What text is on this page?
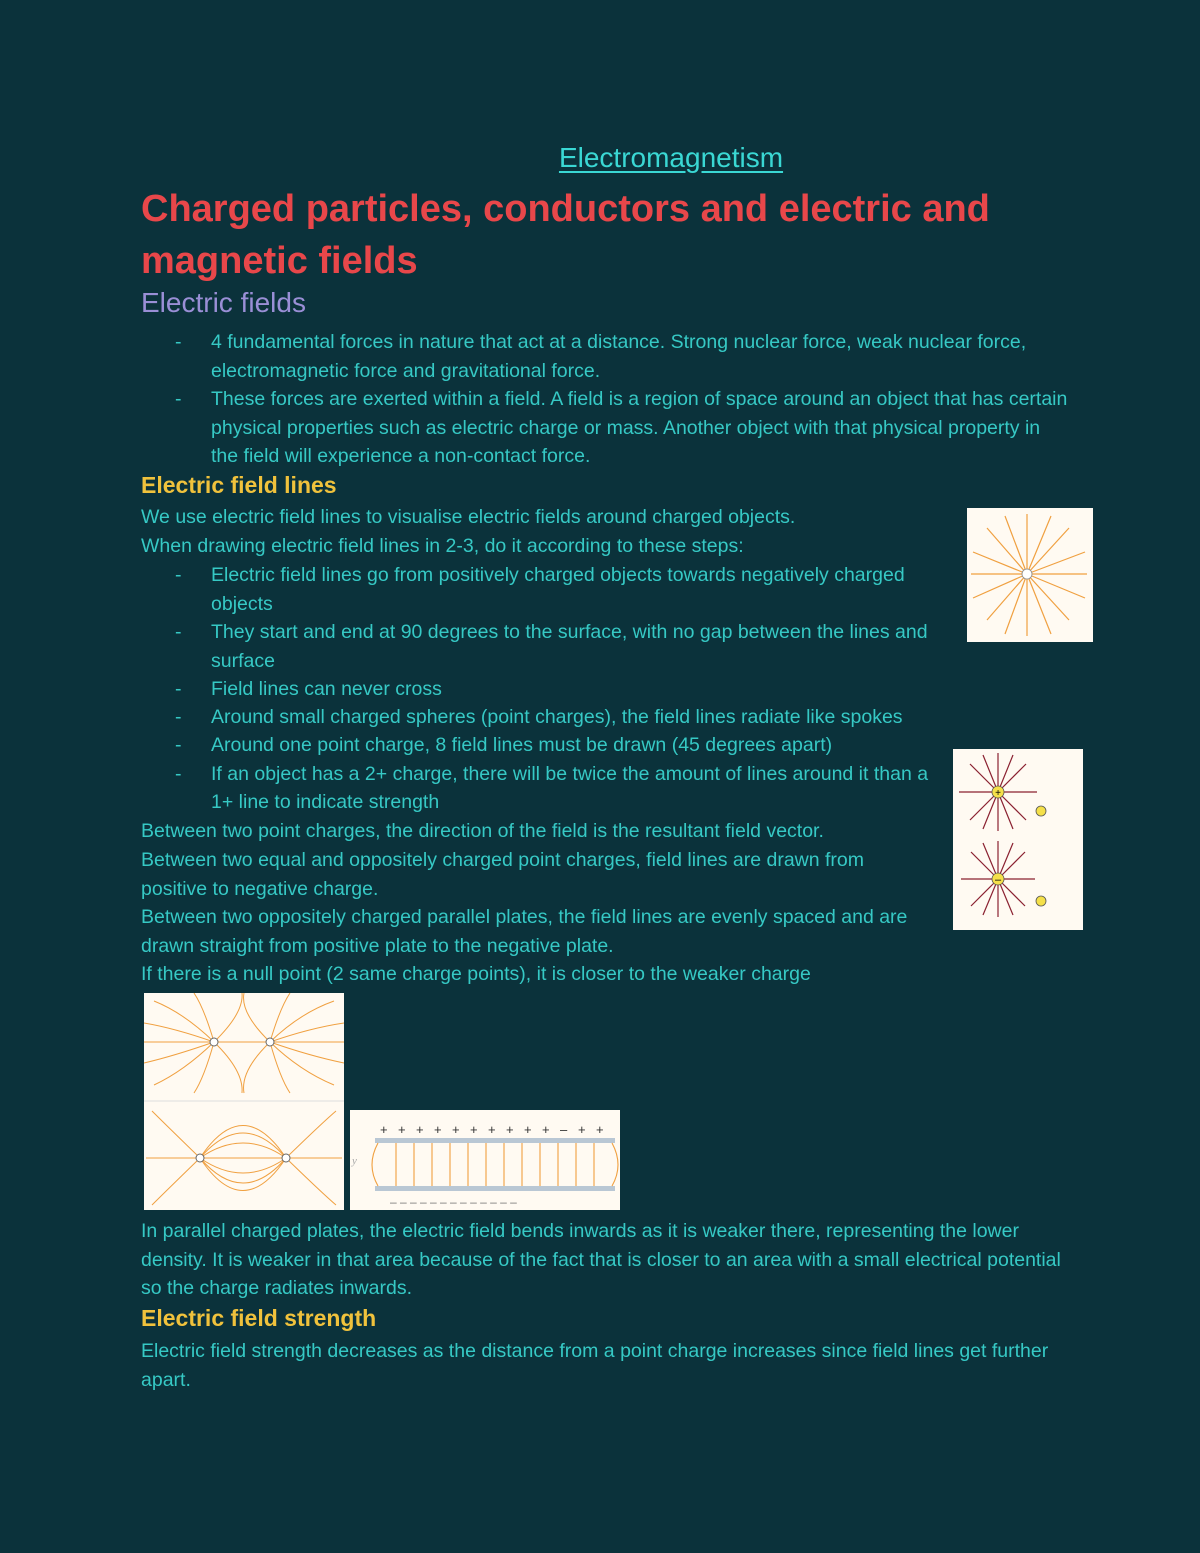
Electromagnetism
Charged particles, conductors and electric and magnetic fields
Electric fields
- 4 fundamental forces in nature that act at a distance. Strong nuclear force, weak nuclear force, electromagnetic force and gravitational force.
- These forces are exerted within a field. A field is a region of space around an object that has certain physical properties such as electric charge or mass. Another object with that physical property in the field will experience a non-contact force.
Electric field lines
We use electric field lines to visualise electric fields around charged objects.
When drawing electric field lines in 2-3, do it according to these steps:
- Electric field lines go from positively charged objects towards negatively charged objects
- They start and end at 90 degrees to the surface, with no gap between the lines and surface
- Field lines can never cross
- Around small charged spheres (point charges), the field lines radiate like spokes
- Around one point charge, 8 field lines must be drawn (45 degrees apart)
- If an object has a 2+ charge, there will be twice the amount of lines around it than a 1+ line to indicate strength
Between two point charges, the direction of the field is the resultant field vector.
Between two equal and oppositely charged point charges, field lines are drawn from positive to negative charge.
Between two oppositely charged parallel plates, the field lines are evenly spaced and are drawn straight from positive plate to the negative plate.
If there is a null point (2 same charge points), it is closer to the weaker charge
In parallel charged plates, the electric field bends inwards as it is weaker there, representing the lower density. It is weaker in that area because of the fact that is closer to an area with a small electrical potential so the charge radiates inwards.
Electric field strength
Electric field strength decreases as the distance from a point charge increases since field lines get further apart.
+
–
+ + + + + + + + + + – + +
– – – – – – – – – – – – –
y
